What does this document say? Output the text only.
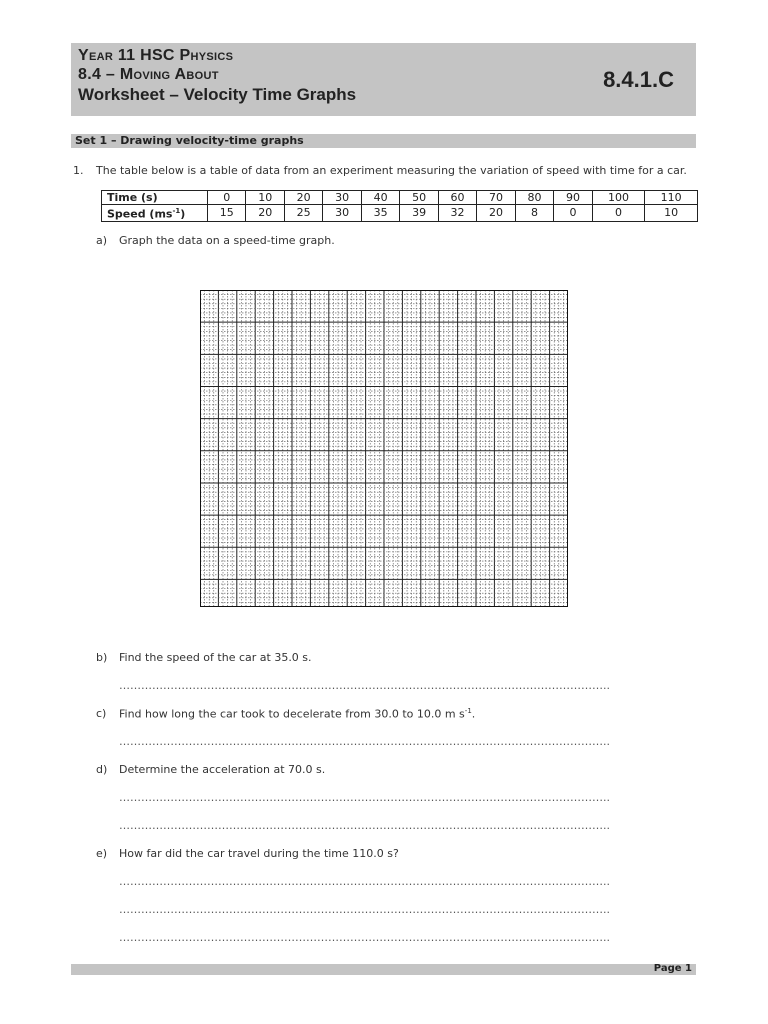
Year 11 HSC Physics
8.4 – Moving About
Worksheet – Velocity Time Graphs
8.4.1.C
Set 1 – Drawing velocity-time graphs
1. The table below is a table of data from an experiment measuring the variation of speed with time for a car.
Time (s)	0	10	20	30	40	50	60	70	80	90	100	110
Speed $(ms^{-1})$	15	20	25	30	35	39	32	20	8	0	0	10
a) Graph the data on a speed-time graph.
b) Find the speed of the car at 35.0 s.
……………………………………………………………………………………………………………………..
c) Find how long the car took to decelerate from 30.0 to 10.0 m $s^{-1}$.
……………………………………………………………………………………………………………………..
d) Determine the acceleration at 70.0 s.
……………………………………………………………………………………………………………………..
……………………………………………………………………………………………………………………..
e) How far did the car travel during the time 110.0 s?
……………………………………………………………………………………………………………………..
……………………………………………………………………………………………………………………..
……………………………………………………………………………………………………………………..
Page 1
